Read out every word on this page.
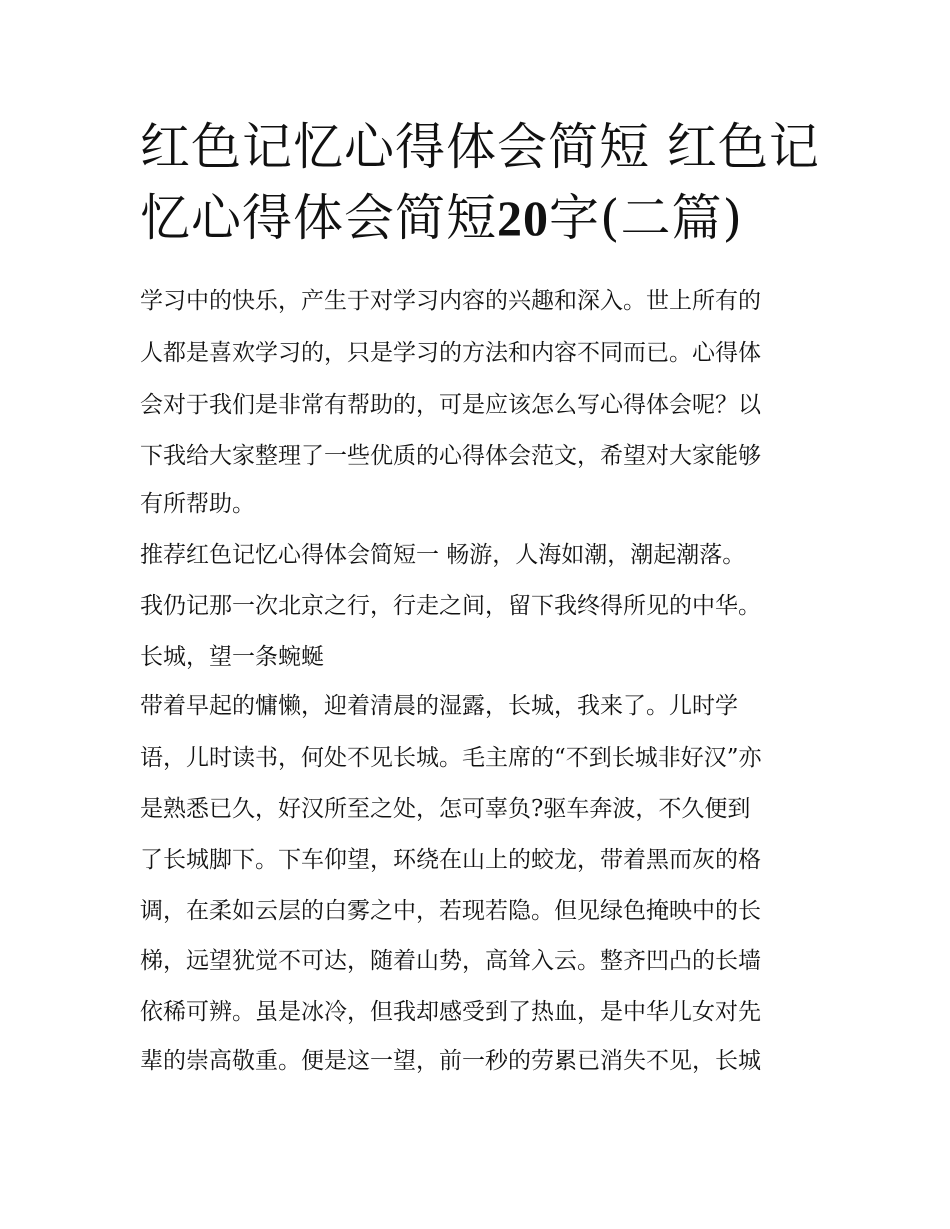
红色记忆心得体会简短 红色记忆心得体会简短20字(二篇)

学习中的快乐，产生于对学习内容的兴趣和深入。世上所有的

人都是喜欢学习的，只是学习的方法和内容不同而已。心得体

会对于我们是非常有帮助的，可是应该怎么写心得体会呢？以

下我给大家整理了一些优质的心得体会范文，希望对大家能够

有所帮助。

推荐红色记忆心得体会简短一 畅游，人海如潮，潮起潮落。

我仍记那一次北京之行，行走之间，留下我终得所见的中华。

长城，望一条蜿蜒

带着早起的慵懒，迎着清晨的湿露，长城，我来了。儿时学

语，儿时读书，何处不见长城。毛主席的“不到长城非好汉”亦

是熟悉已久，好汉所至之处，怎可辜负?驱车奔波，不久便到

了长城脚下。下车仰望，环绕在山上的蛟龙，带着黑而灰的格

调，在柔如云层的白雾之中，若现若隐。但见绿色掩映中的长

梯，远望犹觉不可达，随着山势，高耸入云。整齐凹凸的长墙

依稀可辨。虽是冰冷，但我却感受到了热血，是中华儿女对先

辈的崇高敬重。便是这一望，前一秒的劳累已消失不见，长城
